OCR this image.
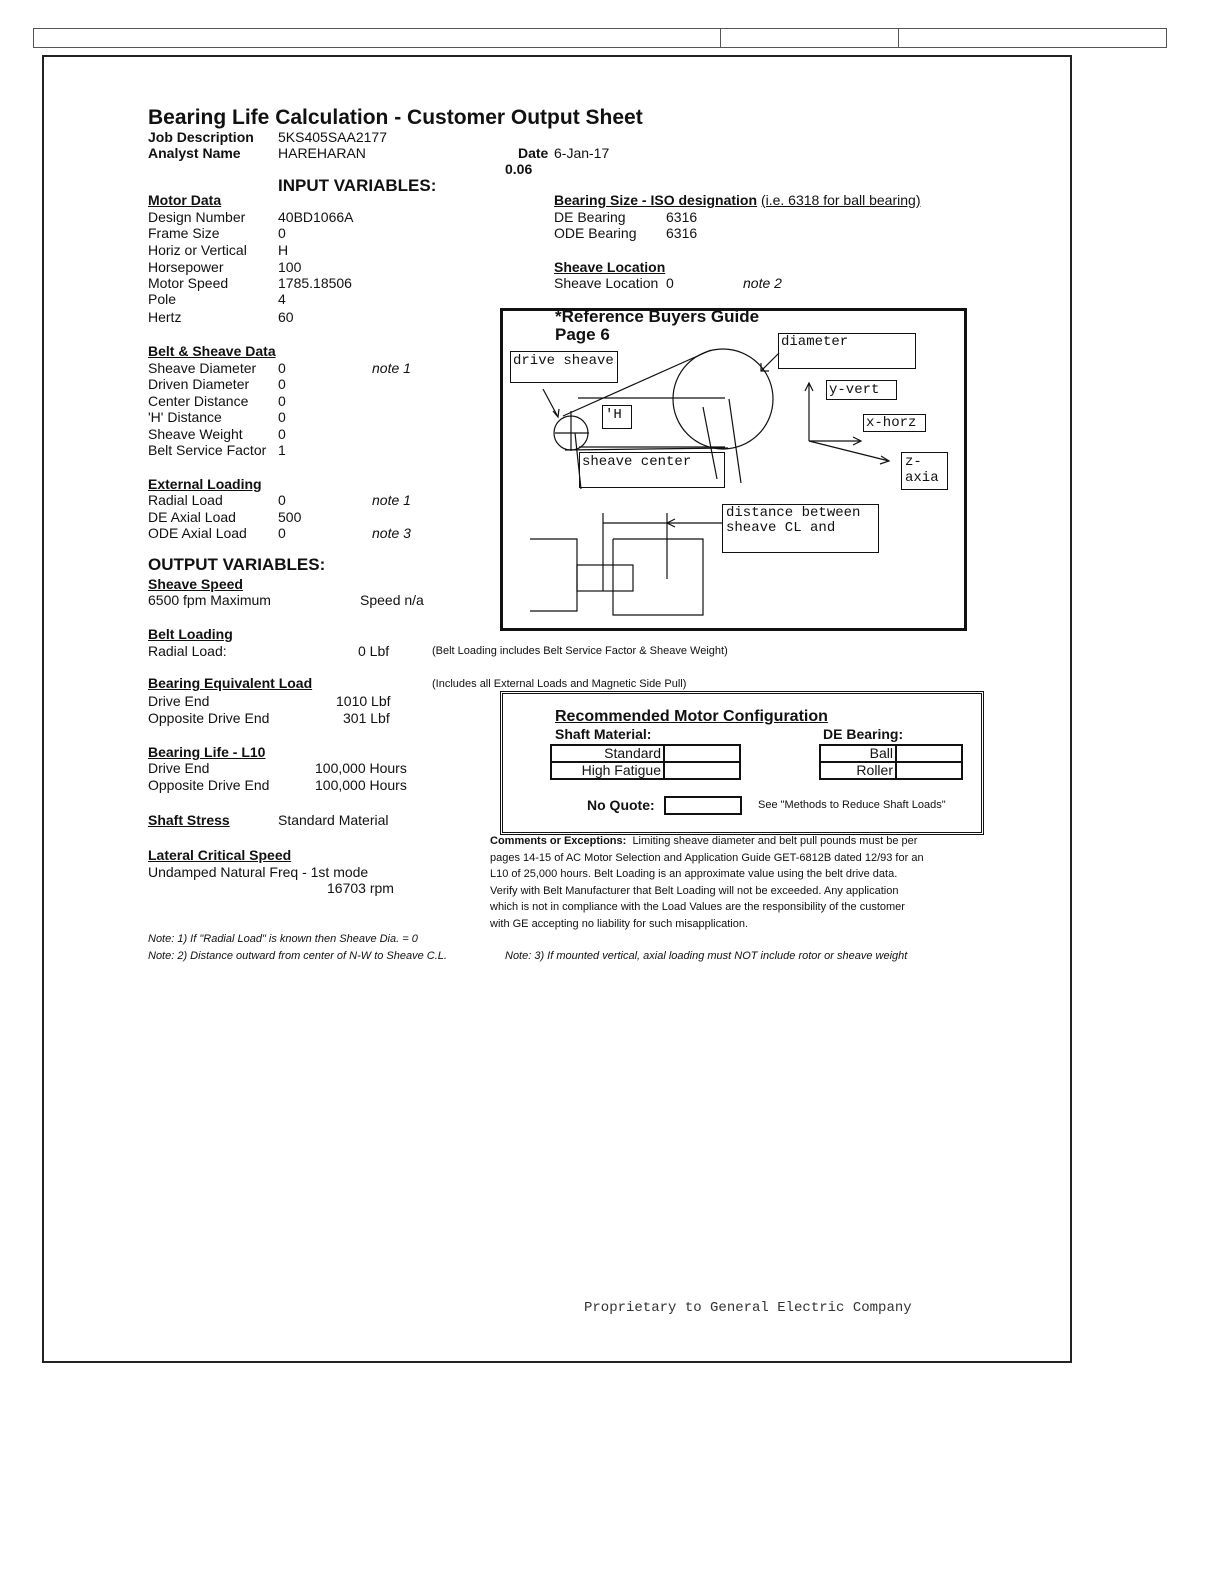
Bearing Life Calculation - Customer Output Sheet
Job Description 5KS405SAA2177
Analyst Name	HAREHARAN	Date 6-Jan-17
0.06
INPUT VARIABLES:
Motor Data
Design Number 40BD1066A
Frame Size	0
Horiz or Vertical H
Horsepower	100
Motor Speed	1785.18506
Pole	4
Hertz	60
Bearing Size - ISO designation (i.e. 6318 for ball bearing)
DE Bearing	6316
ODE Bearing 6316
Sheave Location
Sheave Location 0	note 2
Belt & Sheave Data
Sheave Diameter 0	note 1
Driven Diameter 0
Center Distance 0
'H' Distance	0
Sheave Weight	0
Belt Service Factor 1
External Loading
Radial Load	0	note 1
DE Axial Load	500
ODE Axial Load 0	note 3
*Reference Buyers Guide
Page 6
drive sheave
diameter
y-vert
x-horz
z-
axia
'H
sheave center
distance between
sheave CL and
OUTPUT VARIABLES:
Sheave Speed
6500 fpm Maximum	Speed n/a
Belt Loading
Radial Load:	0 Lbf	(Belt Loading includes Belt Service Factor & Sheave Weight)
Bearing Equivalent Load	(Includes all External Loads and Magnetic Side Pull)
Drive End	1010 Lbf
Opposite Drive End	301 Lbf
Bearing Life - L10
Drive End	100,000 Hours
Opposite Drive End	100,000 Hours
Shaft Stress	Standard Material
Lateral Critical Speed
Undamped Natural Freq - 1st mode
16703 rpm
Recommended Motor Configuration
Shaft Material:	DE Bearing:
Standard
High Fatigue
Ball
Roller
No Quote:	See "Methods to Reduce Shaft Loads"
Comments or Exceptions: Limiting sheave diameter and belt pull pounds must be per
pages 14-15 of AC Motor Selection and Application Guide GET-6812B dated 12/93 for an
L10 of 25,000 hours. Belt Loading is an approximate value using the belt drive data.
Verify with Belt Manufacturer that Belt Loading will not be exceeded. Any application
which is not in compliance with the Load Values are the responsibility of the customer
with GE accepting no liability for such misapplication.
Note: 1) If "Radial Load" is known then Sheave Dia. = 0
Note: 2) Distance outward from center of N-W to Sheave C.L.	Note: 3) If mounted vertical, axial loading must NOT include rotor or sheave weight
Proprietary to General Electric Company
